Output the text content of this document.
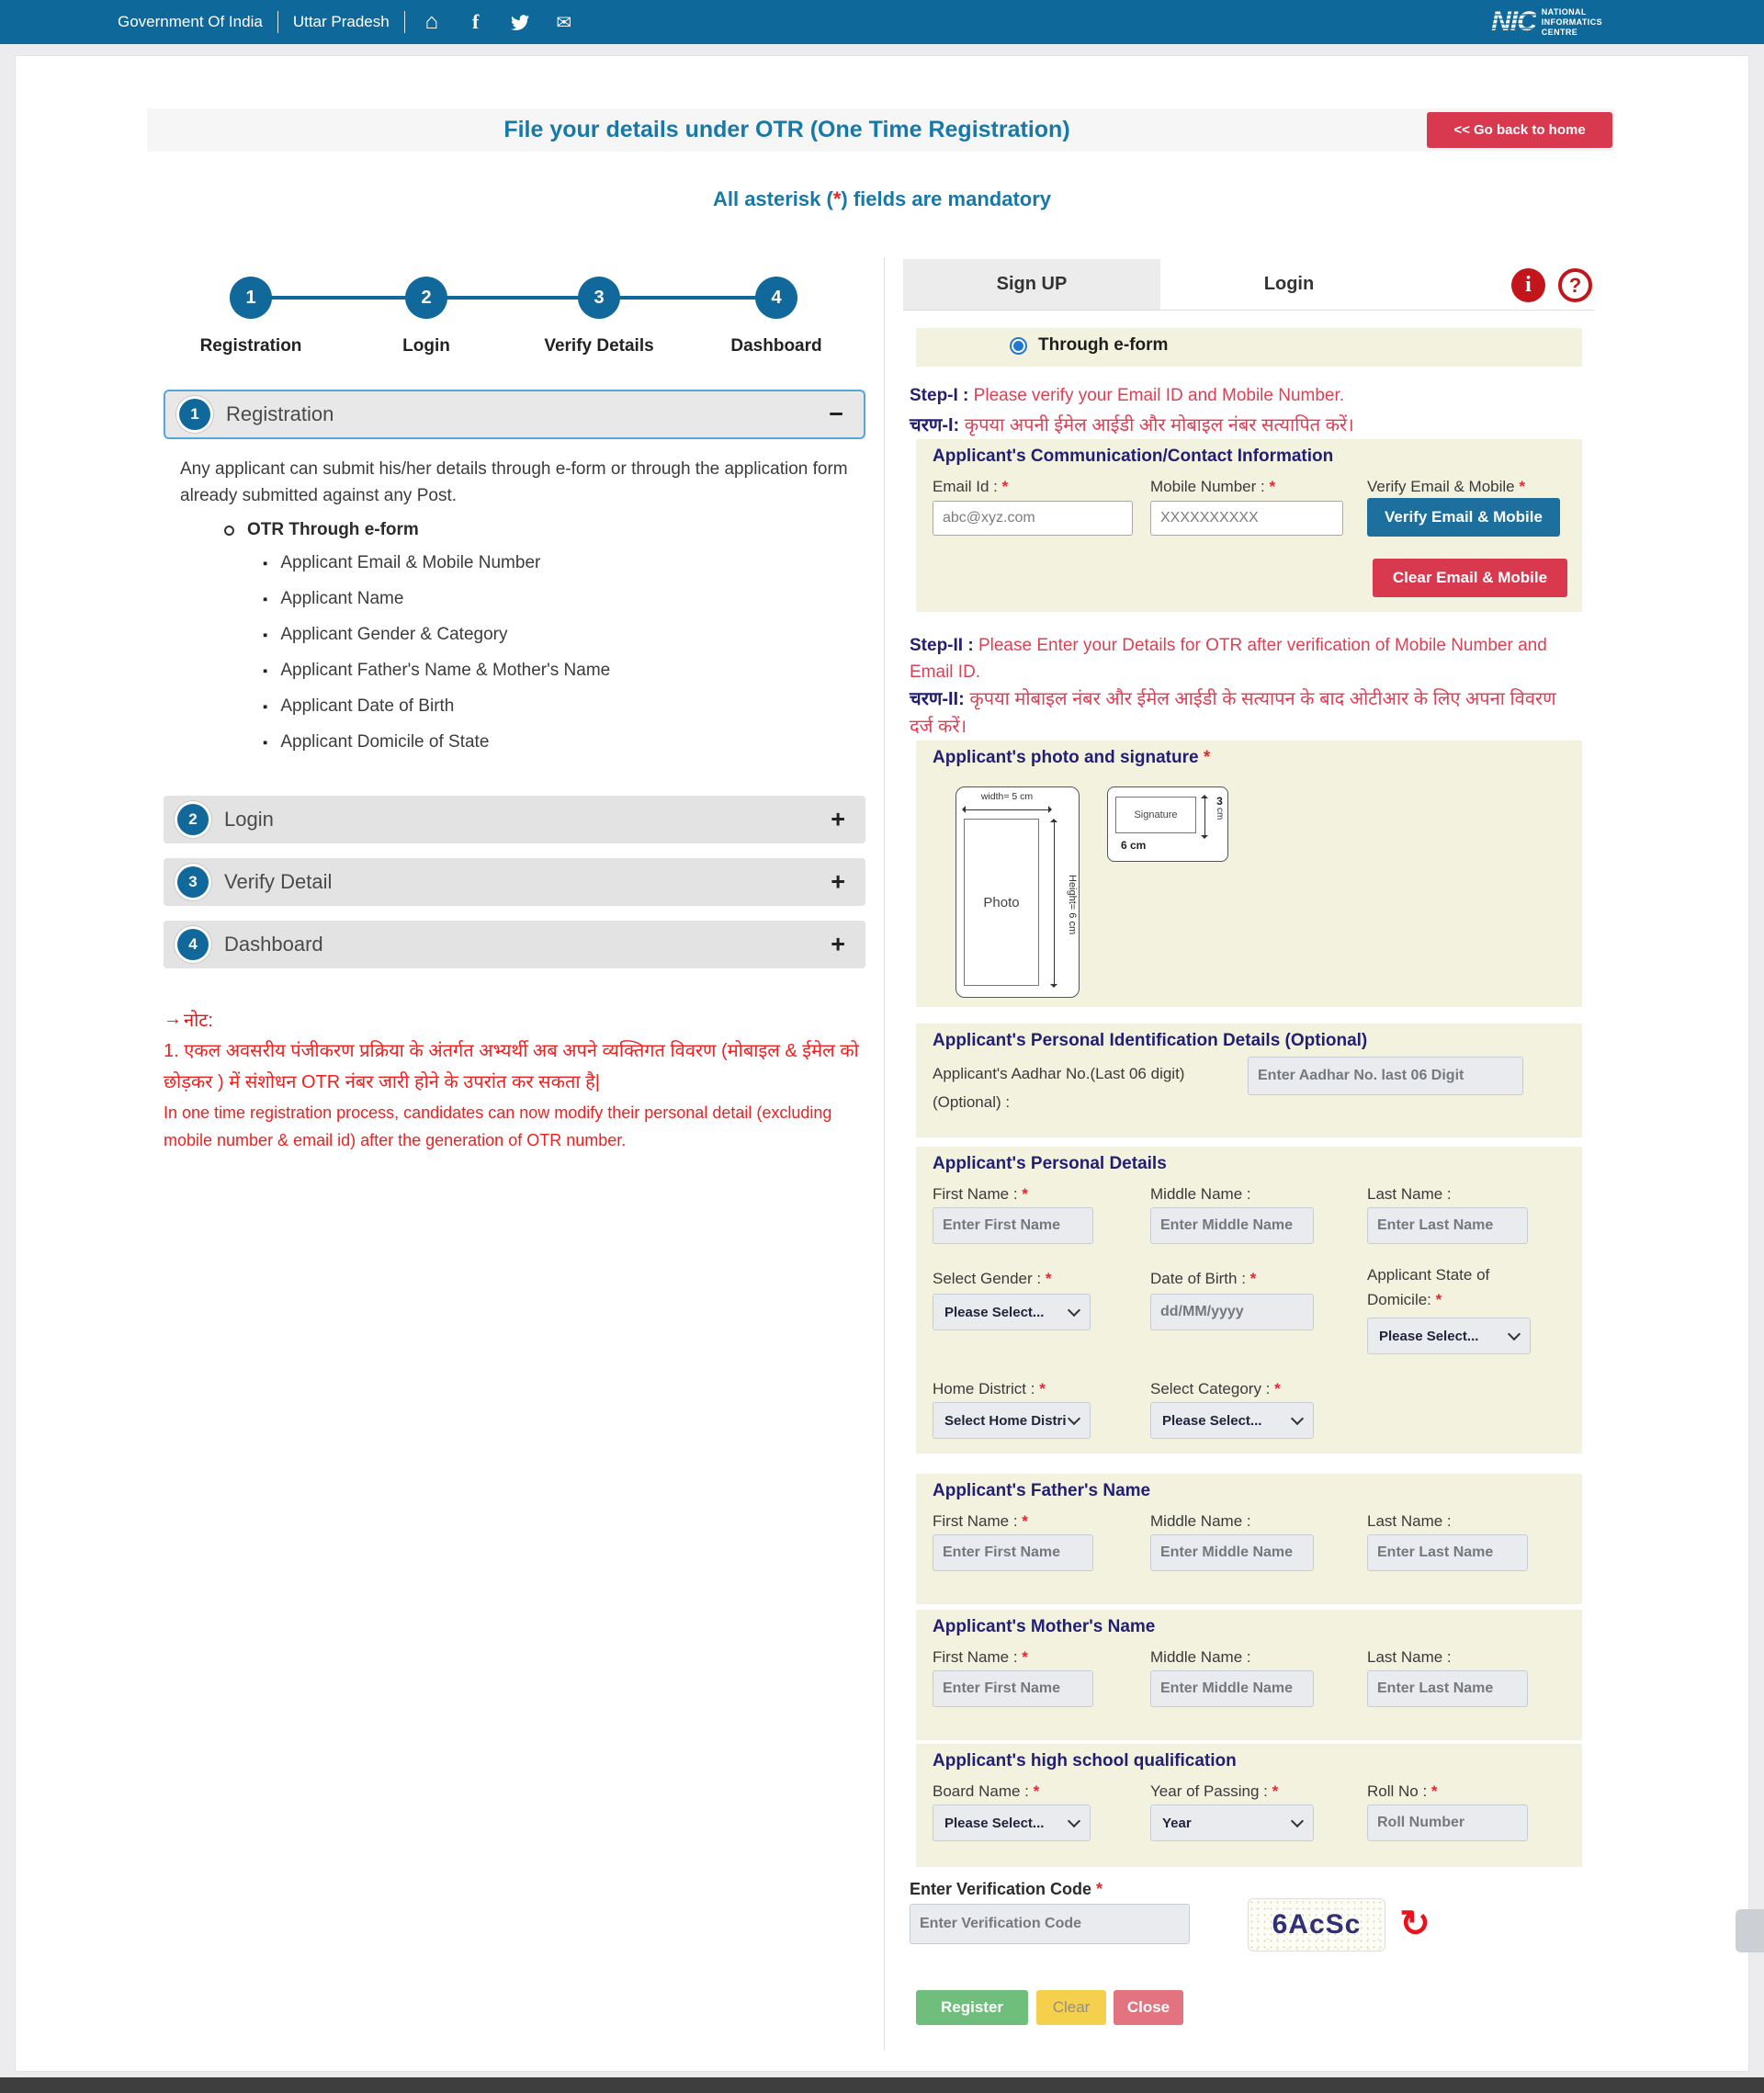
Government Of India Uttar Pradesh ⌂ f ✉	NIC NATIONAL
INFORMATICS
CENTRE
File your details under OTR (One Time Registration)	<< Go back to home
All asterisk (*) fields are mandatory
1	2	3	4
Registration	Login	Verify Details	Dashboard
1	Registration	−
Any applicant can submit his/her details through e-form or through the application form already submitted against any Post.
OTR Through e-form
▪ Applicant Email & Mobile Number
▪ Applicant Name
▪ Applicant Gender & Category
▪ Applicant Father's Name & Mother's Name
▪ Applicant Date of Birth
▪ Applicant Domicile of State
2	Login	+
3	Verify Detail	+
4	Dashboard	+
→ नोट:
1. एकल अवसरीय पंजीकरण प्रक्रिया के अंतर्गत अभ्यर्थी अब अपने व्यक्तिगत विवरण (मोबाइल & ईमेल को छोड़कर ) में संशोधन OTR नंबर जारी होने के उपरांत कर सकता है|
In one time registration process, candidates can now modify their personal detail (excluding mobile number & email id) after the generation of OTR number.
Sign UP	Login
i
?
Through e-form
Step-I : Please verify your Email ID and Mobile Number.
चरण-I: कृपया अपनी ईमेल आईडी और मोबाइल नंबर सत्यापित करें।
Applicant's Communication/Contact Information
Email Id : *	Mobile Number : *	Verify Email & Mobile *
abc@xyz.com
XXXXXXXXXX
Verify Email & Mobile
Clear Email & Mobile
Step-II : Please Enter your Details for OTR after verification of Mobile Number and Email ID.
चरण-II: कृपया मोबाइल नंबर और ईमेल आईडी के सत्यापन के बाद ओटीआर के लिए अपना विवरण दर्ज करें।
Applicant's photo and signature *
width= 5 cm
Photo	Height= 6 cm
Signature
6 cm
3
cm
Applicant's Personal Identification Details (Optional)
Applicant's Aadhar No.(Last 06 digit) (Optional) :
Enter Aadhar No. last 06 Digit
Applicant's Personal Details
First Name : *	Middle Name :	Last Name :
Enter First Name
Enter Middle Name
Enter Last Name
Select Gender : *	Date of Birth : *	Applicant State of Domicile: *
Please Select...
dd/MM/yyyy
Please Select...
Home District : *	Select Category : *
Select Home Distri	Please Select...
Applicant's Father's Name
First Name : *	Middle Name :	Last Name :
Enter First Name
Enter Middle Name
Enter Last Name
Applicant's Mother's Name
First Name : *	Middle Name :	Last Name :
Enter First Name
Enter Middle Name
Enter Last Name
Applicant's high school qualification
Board Name : *	Year of Passing : *	Roll No : *
Please Select...	Year
Roll Number
Enter Verification Code *
Enter Verification Code
6AcSc
↻
Register	Clear	Close
